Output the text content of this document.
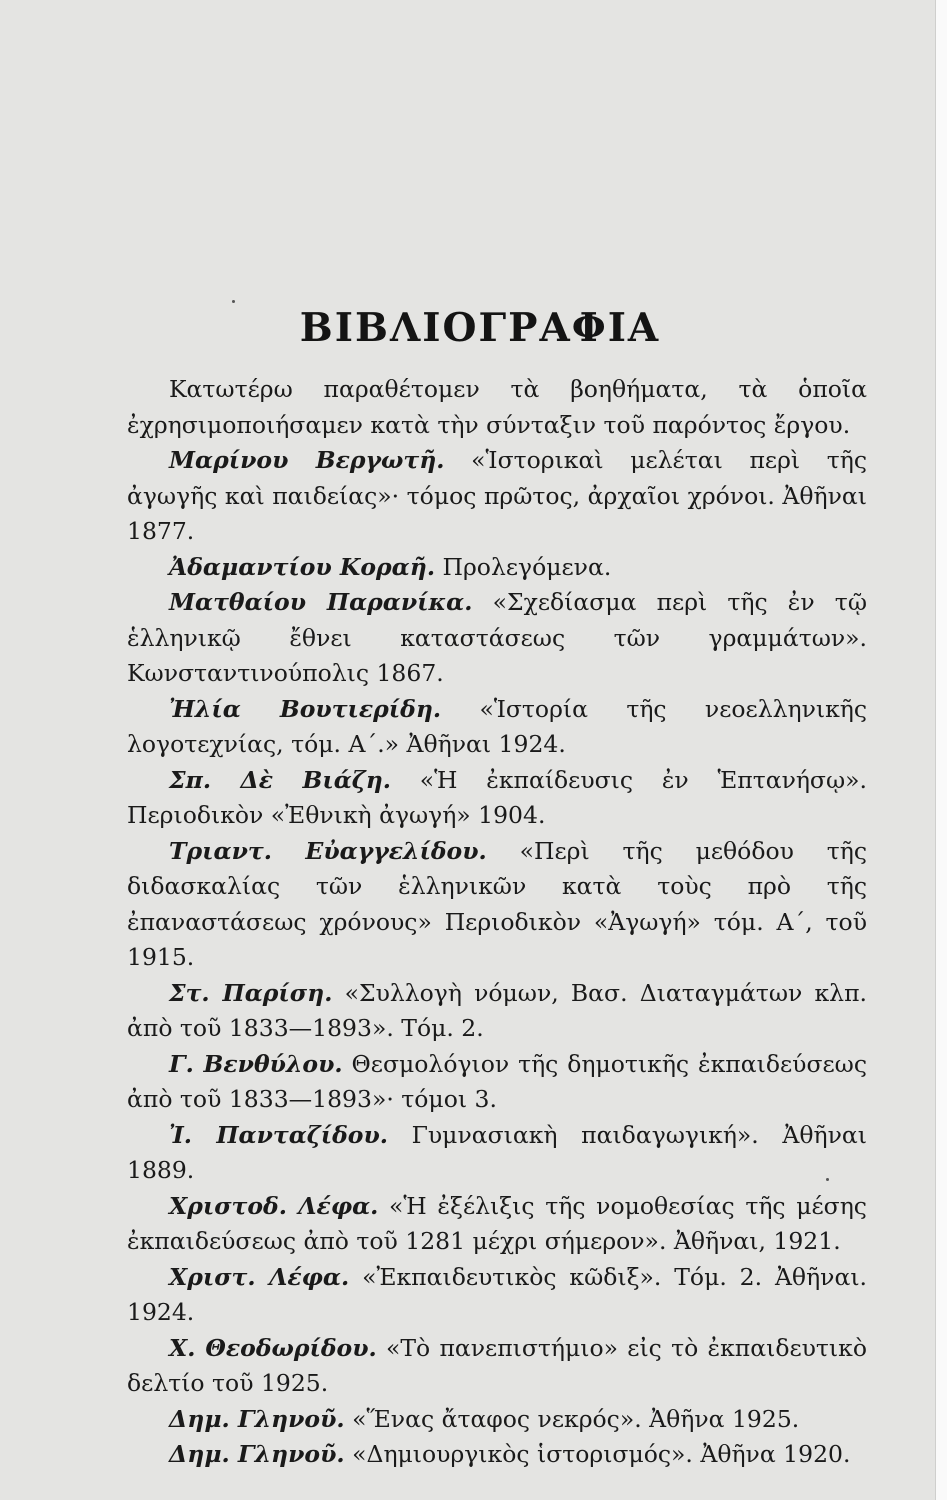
ΒΙΒΛΙΟΓΡΑΦΙΑ

Κατωτέρω παραθέτομεν τὰ βοηθήματα, τὰ ὁποῖα ἐχρησιμοποιήσαμεν κατὰ τὴν σύνταξιν τοῦ παρόντος ἔργου.

Μαρίνου Βεργωτῆ. «Ἱστορικαὶ μελέται περὶ τῆς ἀγωγῆς καὶ παιδείας»· τόμος πρῶτος, ἀρχαῖοι χρόνοι. Ἀθῆναι 1877.

Ἀδαμαντίου Κοραῆ. Προλεγόμενα.

Ματθαίου Παρανίκα. «Σχεδίασμα περὶ τῆς ἐν τῷ ἑλληνικῷ ἔθνει καταστάσεως τῶν γραμμάτων». Κωνσταντινούπολις 1867.

Ἠλία Βουτιερίδη. «Ἱστορία τῆς νεοελληνικῆς λογοτεχνίας, τόμ. Α΄.» Ἀθῆναι 1924.

Σπ. Δὲ Βιάζη. «Ἡ ἐκπαίδευσις ἐν Ἑπτανήσῳ». Περιοδικὸν «Ἐθνικὴ ἀγωγή» 1904.

Τριαντ. Εὐαγγελίδου. «Περὶ τῆς μεθόδου τῆς διδασκαλίας τῶν ἑλληνικῶν κατὰ τοὺς πρὸ τῆς ἐπαναστάσεως χρόνους» Περιοδικὸν «Ἀγωγή» τόμ. Α΄, τοῦ 1915.

Στ. Παρίση. «Συλλογὴ νόμων, Βασ. Διαταγμάτων κλπ. ἀπὸ τοῦ 1833—1893». Τόμ. 2.

Γ. Βενθύλου. Θεσμολόγιον τῆς δημοτικῆς ἐκπαιδεύσεως ἀπὸ τοῦ 1833—1893»· τόμοι 3.

Ἰ. Πανταζίδου. Γυμνασιακὴ παιδαγωγική». Ἀθῆναι 1889.

Χριστοδ. Λέφα. «Ἡ ἐξέλιξις τῆς νομοθεσίας τῆς μέσης ἐκπαιδεύσεως ἀπὸ τοῦ 1281 μέχρι σήμερον». Ἀθῆναι, 1921.

Χριστ. Λέφα. «Ἐκπαιδευτικὸς κῶδιξ». Τόμ. 2. Ἀθῆναι. 1924.

Χ. Θεοδωρίδου. «Τὸ πανεπιστήμιο» εἰς τὸ ἐκπαιδευτικὸ δελτίο τοῦ 1925.

Δημ. Γληνοῦ. «Ἕνας ἄταφος νεκρός». Ἀθῆνα 1925.

Δημ. Γληνοῦ. «Δημιουργικὸς ἱστορισμός». Ἀθῆνα 1920.
